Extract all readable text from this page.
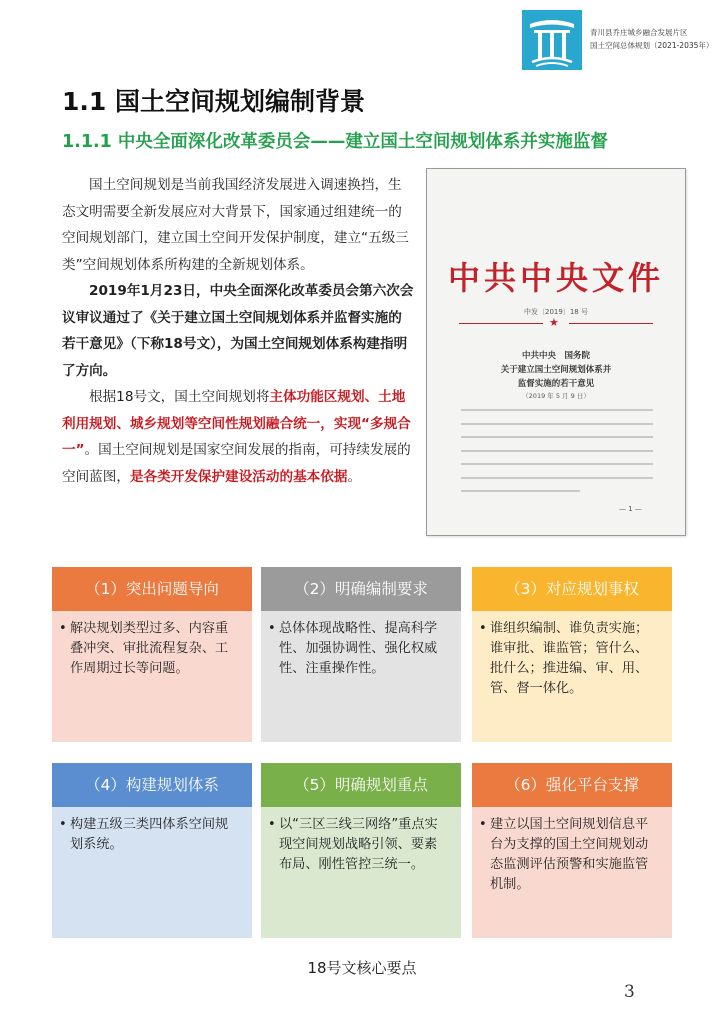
青川县乔庄城乡融合发展片区
国土空间总体规划（2021-2035年）
1.1 国土空间规划编制背景
1.1.1 中央全面深化改革委员会——建立国土空间规划体系并实施监督

国土空间规划是当前我国经济发展进入调速换挡，生态文明需要全新发展应对大背景下，国家通过组建统一的空间规划部门，建立国土空间开发保护制度，建立“五级三类”空间规划体系所构建的全新规划体系。

2019年1月23日，中央全面深化改革委员会第六次会议审议通过了《关于建立国土空间规划体系并监督实施的若干意见》（下称18号文），为国土空间规划体系构建指明了方向。

根据18号文，国土空间规划将主体功能区规划、土地利用规划、城乡规划等空间性规划融合统一，实现“多规合一”。国土空间规划是国家空间发展的指南，可持续发展的空间蓝图，是各类开发保护建设活动的基本依据。

中共中央文件
中发〔2019〕18 号
★
中共中央　国务院
关于建立国土空间规划体系并
监督实施的若干意见
（2019 年 5 月 9 日）
— 1 —
（1）突出问题导向
• 解决规划类型过多、内容重叠冲突、审批流程复杂、工作周期过长等问题。
（2）明确编制要求
• 总体体现战略性、提高科学性、加强协调性、强化权威性、注重操作性。
（3）对应规划事权
• 谁组织编制、谁负责实施；谁审批、谁监管；管什么、批什么；推进编、审、用、管、督一体化。
（4）构建规划体系
• 构建五级三类四体系空间规划系统。
（5）明确规划重点
• 以“三区三线三网络”重点实现空间规划战略引领、要素布局、刚性管控三统一。
（6）强化平台支撑
• 建立以国土空间规划信息平台为支撑的国土空间规划动态监测评估预警和实施监管机制。
18号文核心要点
3
